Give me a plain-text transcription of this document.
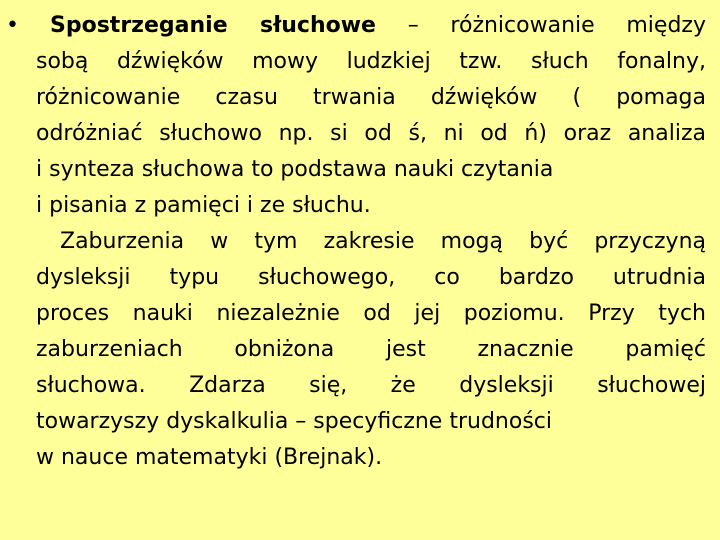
•	Spostrzeganie słuchowe – różnicowanie między
sobą dźwięków mowy ludzkiej tzw. słuch fonalny,
różnicowanie czasu trwania dźwięków ( pomaga
odróżniać słuchowo np. si od ś, ni od ń) oraz analiza
i synteza słuchowa to podstawa nauki czytania
i pisania z pamięci i ze słuchu.
Zaburzenia w tym zakresie mogą być przyczyną
dysleksji typu słuchowego, co bardzo utrudnia
proces nauki niezależnie od jej poziomu. Przy tych
zaburzeniach obniżona jest znacznie pamięć
słuchowa. Zdarza się, że dysleksji słuchowej
towarzyszy dyskalkulia – specyficzne trudności
w nauce matematyki (Brejnak).
